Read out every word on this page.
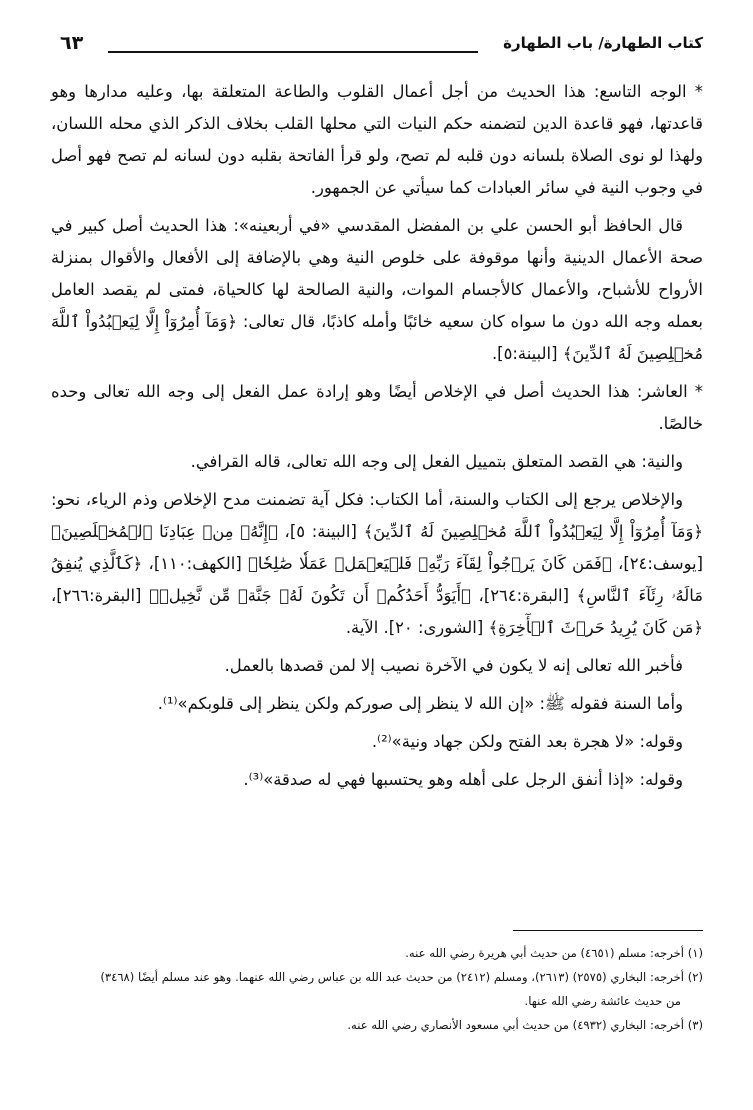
كتاب الطهارة/ باب الطهارة
٦٣

* الوجه التاسع: هذا الحديث من أجل أعمال القلوب والطاعة المتعلقة بها، وعليه مدارها وهو قاعدتها، فهو قاعدة الدين لتضمنه حكم النيات التي محلها القلب بخلاف الذكر الذي محله اللسان، ولهذا لو نوى الصلاة بلسانه دون قلبه لم تصح، ولو قرأ الفاتحة بقلبه دون لسانه لم تصح فهو أصل في وجوب النية في سائر العبادات كما سيأتي عن الجمهور.

قال الحافظ أبو الحسن علي بن المفضل المقدسي «في أربعينه»: هذا الحديث أصل كبير في صحة الأعمال الدينية وأنها موقوفة على خلوص النية وهي بالإضافة إلى الأفعال والأقوال بمنزلة الأرواح للأشباح، والأعمال كالأجسام الموات، والنية الصالحة لها كالحياة، فمتى لم يقصد العامل بعمله وجه الله دون ما سواه كان سعيه خائبًا وأمله كاذبًا، قال تعالى: ﴿وَمَآ أُمِرُوٓاْ إِلَّا لِيَعۡبُدُواْ ٱللَّهَ مُخۡلِصِينَ لَهُ ٱلدِّينَ﴾ [البينة:٥].

* العاشر: هذا الحديث أصل في الإخلاص أيضًا وهو إرادة عمل الفعل إلى وجه الله تعالى وحده خالصًا.

والنية: هي القصد المتعلق بتمييل الفعل إلى وجه الله تعالى، قاله القرافي.

والإخلاص يرجع إلى الكتاب والسنة، أما الكتاب: فكل آية تضمنت مدح الإخلاص وذم الرياء، نحو: ﴿وَمَآ أُمِرُوٓاْ إِلَّا لِيَعۡبُدُواْ ٱللَّهَ مُخۡلِصِينَ لَهُ ٱلدِّينَ﴾ [البينة: ٥]، ﴿إِنَّهُۥ مِنۡ عِبَادِنَا ٱلۡمُخۡلَصِينَ﴾ [يوسف:٢٤]، ﴿فَمَن كَانَ يَرۡجُواْ لِقَآءَ رَبِّهِۦ فَلۡيَعۡمَلۡ عَمَلٗا صَٰلِحٗا﴾ [الكهف:١١٠]، ﴿كَٱلَّذِي يُنفِقُ مَالَهُۥ رِئَآءَ ٱلنَّاسِ﴾ [البقرة:٢٦٤]، ﴿أَيَوَدُّ أَحَدُكُمۡ أَن تَكُونَ لَهُۥ جَنَّةٞ مِّن نَّخِيلٖ﴾ [البقرة:٢٦٦]، ﴿مَن كَانَ يُرِيدُ حَرۡثَ ٱلۡأٓخِرَةِ﴾ [الشورى: ٢٠]. الآية.

فأخبر الله تعالى إنه لا يكون في الآخرة نصيب إلا لمن قصدها بالعمل.

وأما السنة فقوله ﷺ: «إن الله لا ينظر إلى صوركم ولكن ينظر إلى قلوبكم»⁽¹⁾.

وقوله: «لا هجرة بعد الفتح ولكن جهاد ونية»⁽²⁾.

وقوله: «إذا أنفق الرجل على أهله وهو يحتسبها فهي له صدقة»⁽³⁾.

(١) أخرجه: مسلم (٤٦٥١) من حديث أبي هريرة رضي الله عنه.

(٢) أخرجه: البخاري (٢٥٧٥) (٢٦١٣)، ومسلم (٢٤١٢) من حديث عبد الله بن عباس رضي الله عنهما. وهو عند مسلم أيضًا (٣٤٦٨)

من حديث عائشة رضي الله عنها.

(٣) أخرجه: البخاري (٤٩٣٢) من حديث أبي مسعود الأنصاري رضي الله عنه.
